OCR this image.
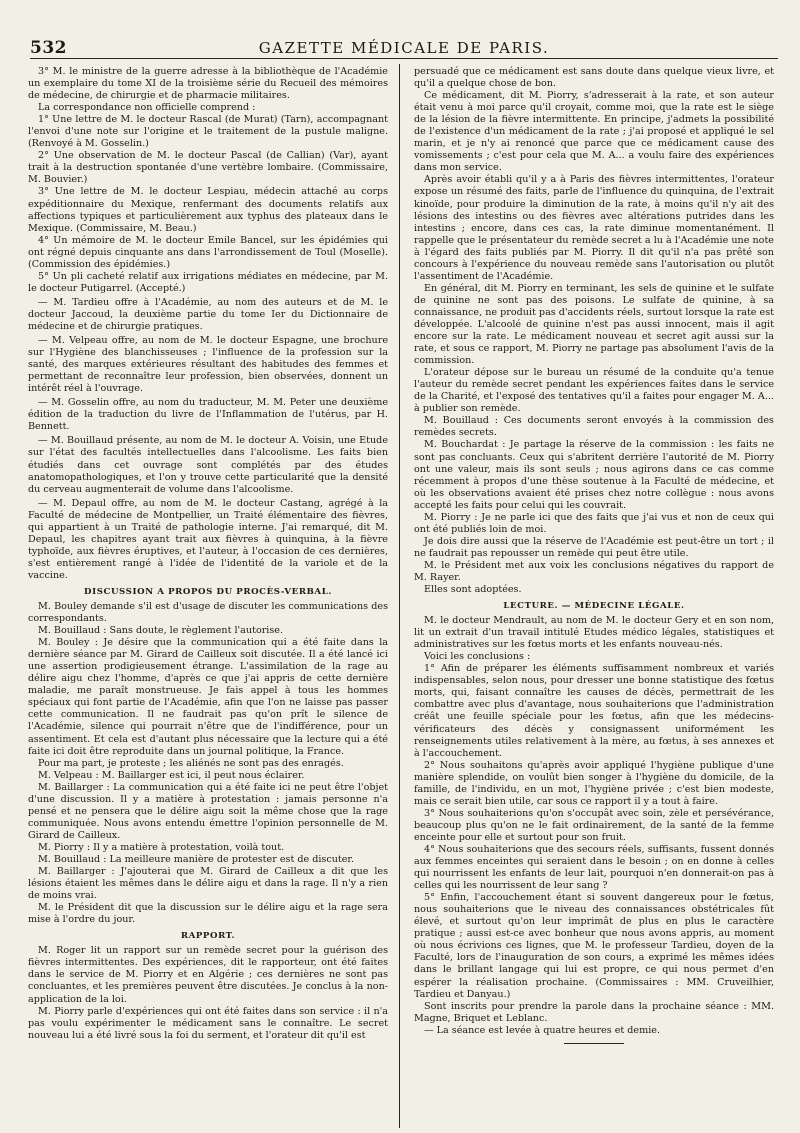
532	GAZETTE MÉDICALE DE PARIS.

3° M. le ministre de la guerre adresse à la bibliothèque de l'Académie un exemplaire du tome XI de la troisième série du Recueil des mémoires de médecine, de chirurgie et de pharmacie militaires.

La correspondance non officielle comprend :

1° Une lettre de M. le docteur Rascal (de Murat) (Tarn), accompagnant l'envoi d'une note sur l'origine et le traitement de la pustule maligne. (Renvoyé à M. Gosselin.)

2° Une observation de M. le docteur Pascal (de Callian) (Var), ayant trait à la destruction spontanée d'une vertèbre lombaire. (Commissaire, M. Bouvier.)

3° Une lettre de M. le docteur Lespiau, médecin attaché au corps expéditionnaire du Mexique, renfermant des documents relatifs aux affections typiques et particulièrement aux typhus des plateaux dans le Mexique. (Commissaire, M. Beau.)

4° Un mémoire de M. le docteur Emile Bancel, sur les épidémies qui ont régné depuis cinquante ans dans l'arrondissement de Toul (Moselle). (Commission des épidémies.)

5° Un pli cacheté relatif aux irrigations médiates en médecine, par M. le docteur Putigarrel. (Accepté.)

— M. Tardieu offre à l'Académie, au nom des auteurs et de M. le docteur Jaccoud, la deuxième partie du tome Ier du Dictionnaire de médecine et de chirurgie pratiques.

— M. Velpeau offre, au nom de M. le docteur Espagne, une brochure sur l'Hygiène des blanchisseuses ; l'influence de la profession sur la santé, des marques extérieures résultant des habitudes des femmes et permettant de reconnaître leur profession, bien observées, donnent un intérêt réel à l'ouvrage.

— M. Gosselin offre, au nom du traducteur, M. M. Peter une deuxième édition de la traduction du livre de l'Inflammation de l'utérus, par H. Bennett.

— M. Bouillaud présente, au nom de M. le docteur A. Voisin, une Etude sur l'état des facultés intellectuelles dans l'alcoolisme. Les faits bien étudiés dans cet ouvrage sont complétés par des études anatomopathologiques, et l'on y trouve cette particularité que la densité du cerveau augmenterait de volume dans l'alcoolisme.

— M. Depaul offre, au nom de M. le docteur Castang, agrégé à la Faculté de médecine de Montpellier, un Traité élémentaire des fièvres, qui appartient à un Traité de pathologie interne. J'ai remarqué, dit M. Depaul, les chapitres ayant trait aux fièvres à quinquina, à la fièvre typhoïde, aux fièvres éruptives, et l'auteur, à l'occasion de ces dernières, s'est entièrement rangé à l'idée de l'identité de la variole et de la vaccine.

DISCUSSION A PROPOS DU PROCÈS-VERBAL.

M. Bouley demande s'il est d'usage de discuter les communications des correspondants.

M. Bouillaud : Sans doute, le règlement l'autorise.

M. Bouley : Je désire que la communication qui a été faite dans la dernière séance par M. Girard de Cailleux soit discutée. Il a été lancé ici une assertion prodigieusement étrange. L'assimilation de la rage au délire aigu chez l'homme, d'après ce que j'ai appris de cette dernière maladie, me paraît monstrueuse. Je fais appel à tous les hommes spéciaux qui font partie de l'Académie, afin que l'on ne laisse pas passer cette communication. Il ne faudrait pas qu'on prît le silence de l'Académie, silence qui pourrait n'être que de l'indifférence, pour un assentiment. Et cela est d'autant plus nécessaire que la lecture qui a été faite ici doit être reproduite dans un journal politique, la France.

Pour ma part, je proteste ; les aliénés ne sont pas des enragés.

M. Velpeau : M. Baillarger est ici, il peut nous éclairer.

M. Baillarger : La communication qui a été faite ici ne peut être l'objet d'une discussion. Il y a matière à protestation : jamais personne n'a pensé et ne pensera que le délire aigu soit la même chose que la rage communiquée. Nous avons entendu émettre l'opinion personnelle de M. Girard de Cailleux.

M. Piorry : Il y a matière à protestation, voilà tout.

M. Bouillaud : La meilleure manière de protester est de discuter.

M. Baillarger : J'ajouterai que M. Girard de Cailleux a dit que les lésions étaient les mêmes dans le délire aigu et dans la rage. Il n'y a rien de moins vrai.

M. le Président dit que la discussion sur le délire aigu et la rage sera mise à l'ordre du jour.

RAPPORT.

M. Roger lit un rapport sur un remède secret pour la guérison des fièvres intermittentes. Des expériences, dit le rapporteur, ont été faites dans le service de M. Piorry et en Algérie ; ces dernières ne sont pas concluantes, et les premières peuvent être discutées. Je conclus à la non-application de la loi.

M. Piorry parle d'expériences qui ont été faites dans son service : il n'a pas voulu expérimenter le médicament sans le connaître. Le secret nouveau lui a été livré sous la foi du serment, et l'orateur dit qu'il est

persuadé que ce médicament est sans doute dans quelque vieux livre, et qu'il a quelque chose de bon.

Ce médicament, dit M. Piorry, s'adresserait à la rate, et son auteur était venu à moi parce qu'il croyait, comme moi, que la rate est le siège de la lésion de la fièvre intermittente. En principe, j'admets la possibilité de l'existence d'un médicament de la rate ; j'ai proposé et appliqué le sel marin, et je n'y ai renoncé que parce que ce médicament cause des vomissements ; c'est pour cela que M. A... a voulu faire des expériences dans mon service.

Après avoir établi qu'il y a à Paris des fièvres intermittentes, l'orateur expose un résumé des faits, parle de l'influence du quinquina, de l'extrait kinoïde, pour produire la diminution de la rate, à moins qu'il n'y ait des lésions des intestins ou des fièvres avec altérations putrides dans les intestins ; encore, dans ces cas, la rate diminue momentanément. Il rappelle que le présentateur du remède secret a lu à l'Académie une note à l'égard des faits publiés par M. Piorry. Il dit qu'il n'a pas prêté son concours à l'expérience du nouveau remède sans l'autorisation ou plutôt l'assentiment de l'Académie.

En général, dit M. Piorry en terminant, les sels de quinine et le sulfate de quinine ne sont pas des poisons. Le sulfate de quinine, à sa connaissance, ne produit pas d'accidents réels, surtout lorsque la rate est développée. L'alcoolé de quinine n'est pas aussi innocent, mais il agit encore sur la rate. Le médicament nouveau et secret agit aussi sur la rate, et sous ce rapport, M. Piorry ne partage pas absolument l'avis de la commission.

L'orateur dépose sur le bureau un résumé de la conduite qu'a tenue l'auteur du remède secret pendant les expériences faites dans le service de la Charité, et l'exposé des tentatives qu'il a faites pour engager M. A... à publier son remède.

M. Bouillaud : Ces documents seront envoyés à la commission des remèdes secrets.

M. Bouchardat : Je partage la réserve de la commission : les faits ne sont pas concluants. Ceux qui s'abritent derrière l'autorité de M. Piorry ont une valeur, mais ils sont seuls ; nous agirons dans ce cas comme récemment à propos d'une thèse soutenue à la Faculté de médecine, et où les observations avaient été prises chez notre collègue : nous avons accepté les faits pour celui qui les couvrait.

M. Piorry : Je ne parle ici que des faits que j'ai vus et non de ceux qui ont été publiés loin de moi.

Je dois dire aussi que la réserve de l'Académie est peut-être un tort ; il ne faudrait pas repousser un remède qui peut être utile.

M. le Président met aux voix les conclusions négatives du rapport de M. Rayer.

Elles sont adoptées.

LECTURE. — MÉDECINE LÉGALE.

M. le docteur Mendrault, au nom de M. le docteur Gery et en son nom, lit un extrait d'un travail intitulé Etudes médico légales, statistiques et administratives sur les fœtus morts et les enfants nouveau-nés.

Voici les conclusions :

1° Afin de préparer les éléments suffisamment nombreux et variés indispensables, selon nous, pour dresser une bonne statistique des fœtus morts, qui, faisant connaître les causes de décès, permettrait de les combattre avec plus d'avantage, nous souhaiterions que l'administration créât une feuille spéciale pour les fœtus, afin que les médecins-vérificateurs des décès y consignassent uniformément les renseignements utiles relativement à la mère, au fœtus, à ses annexes et à l'accouchement.

2° Nous souhaitons qu'après avoir appliqué l'hygiène publique d'une manière splendide, on voulût bien songer à l'hygiène du domicile, de la famille, de l'individu, en un mot, l'hygiène privée ; c'est bien modeste, mais ce serait bien utile, car sous ce rapport il y a tout à faire.

3° Nous souhaiterions qu'on s'occupât avec soin, zèle et persévérance, beaucoup plus qu'on ne le fait ordinairement, de la santé de la femme enceinte pour elle et surtout pour son fruit.

4° Nous souhaiterions que des secours réels, suffisants, fussent donnés aux femmes enceintes qui seraient dans le besoin ; on en donne à celles qui nourrissent les enfants de leur lait, pourquoi n'en donnerait-on pas à celles qui les nourrissent de leur sang ?

5° Enfin, l'accouchement étant si souvent dangereux pour le fœtus, nous souhaiterions que le niveau des connaissances obstétricales fût élevé, et surtout qu'on leur imprimât de plus en plus le caractère pratique ; aussi est-ce avec bonheur que nous avons appris, au moment où nous écrivions ces lignes, que M. le professeur Tardieu, doyen de la Faculté, lors de l'inauguration de son cours, a exprimé les mêmes idées dans le brillant langage qui lui est propre, ce qui nous permet d'en espérer la réalisation prochaine. (Commissaires : MM. Cruveilhier, Tardieu et Danyau.)

Sont inscrits pour prendre la parole dans la prochaine séance : MM. Magne, Briquet et Leblanc.

— La séance est levée à quatre heures et demie.
